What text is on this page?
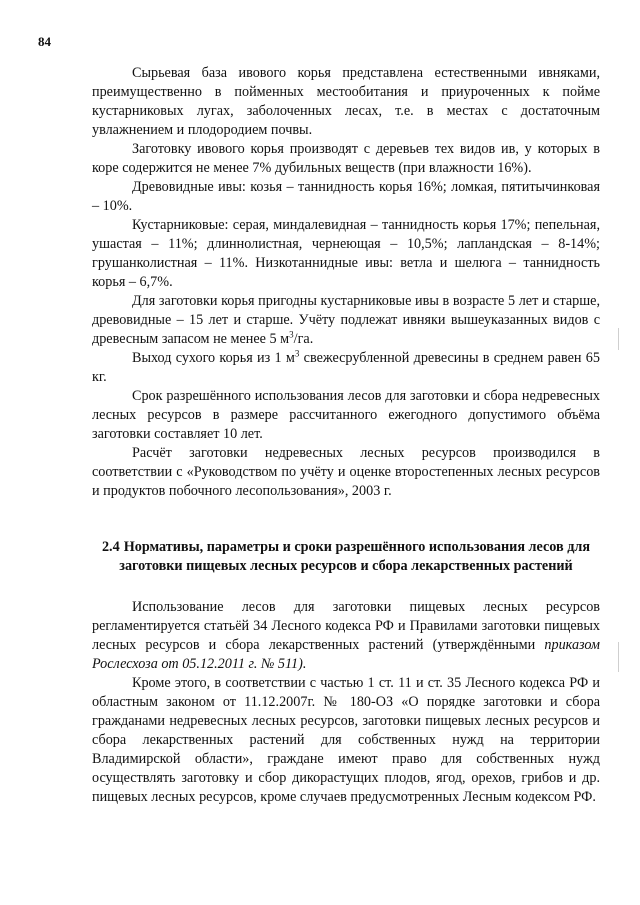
84

Сырьевая база ивового корья представлена естественными ивняками, преимущественно в пойменных местообитания и приуроченных к пойме кустарниковых лугах, заболоченных лесах, т.е. в местах с достаточным увлажнением и плодородием почвы.

Заготовку ивового корья производят с деревьев тех видов ив, у которых в коре содержится не менее 7% дубильных веществ (при влажности 16%).

Древовидные ивы: козья – таннидность корья 16%; ломкая, пятитычинковая – 10%.

Кустарниковые: серая, миндалевидная – таннидность корья 17%; пепельная, ушастая – 11%; длиннолистная, чернеющая – 10,5%; лапландская – 8-14%; грушанколистная – 11%. Низкотаннидные ивы: ветла и шелюга – таннидность корья – 6,7%.

Для заготовки корья пригодны кустарниковые ивы в возрасте 5 лет и старше, древовидные – 15 лет и старше. Учёту подлежат ивняки вышеуказанных видов с древесным запасом не менее 5 $м^3/га$.

Выход сухого корья из 1 $м^3$ свежесрубленной древесины в среднем равен 65 кг.

Срок разрешённого использования лесов для заготовки и сбора недревесных лесных ресурсов в размере рассчитанного ежегодного допустимого объёма заготовки составляет 10 лет.

Расчёт заготовки недревесных лесных ресурсов производился в соответствии с «Руководством по учёту и оценке второстепенных лесных ресурсов и продуктов побочного лесопользования», 2003 г.

2.4 Нормативы, параметры и сроки разрешённого использования лесов для заготовки пищевых лесных ресурсов и сбора лекарственных растений

Использование лесов для заготовки пищевых лесных ресурсов регламентируется статьёй 34 Лесного кодекса РФ и Правилами заготовки пищевых лесных ресурсов и сбора лекарственных растений (утверждёнными приказом Рослесхоза от 05.12.2011 г. № 511).

Кроме этого, в соответствии с частью 1 ст. 11 и ст. 35 Лесного кодекса РФ и областным законом от 11.12.2007г. № 180-ОЗ «О порядке заготовки и сбора гражданами недревесных лесных ресурсов, заготовки пищевых лесных ресурсов и сбора лекарственных растений для собственных нужд на территории Владимирской области», граждане имеют право для собственных нужд осуществлять заготовку и сбор дикорастущих плодов, ягод, орехов, грибов и др. пищевых лесных ресурсов, кроме случаев предусмотренных Лесным кодексом РФ.
